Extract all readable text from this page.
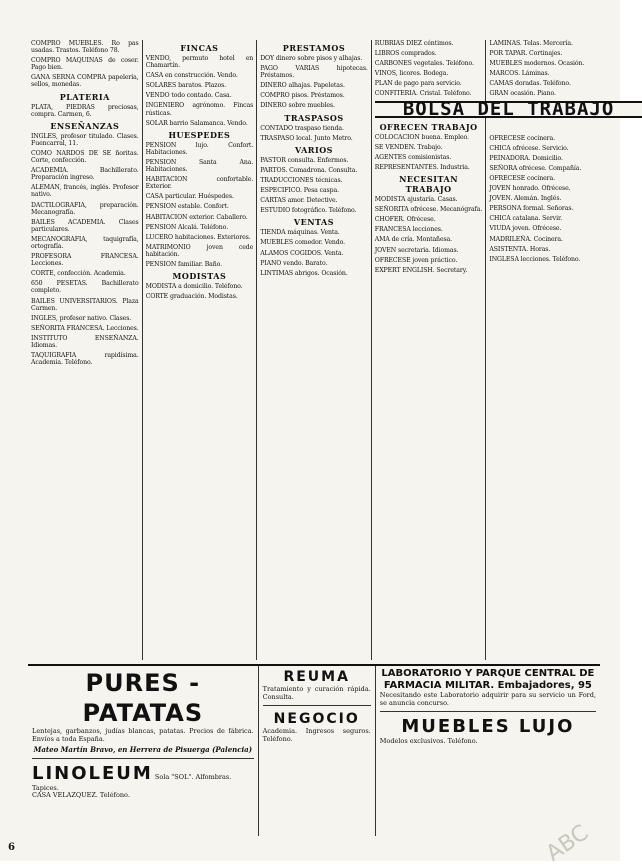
COMPRO MUEBLES. Ro pas usadas. Trastos. Teléfono 78.

COMPRO MAQUINAS de coser. Pago bien.

GANA SERNA COMPRA papelería, sellos, monedas.

PLATERIA

PLATA, PIEDRAS preciosas, compra. Carmen, 6.

ENSEÑANZAS

INGLES, profesor titulado. Clases. Fuencarral, 11.

COMO NARDOS DE SE ñoritas. Corte, confección.

ACADEMIA. Bachillerato. Preparación ingreso.

ALEMAN, francés, inglés. Profesor nativo.

DACTILOGRAFIA, preparación. Mecanografía.

BAILES ACADEMIA. Clases particulares.

MECANOGRAFIA, taquigrafía, ortografía.

PROFESORA FRANCESA. Lecciones.

CORTE, confección. Academia.

650 PESETAS. Bachillerato completo.

BAILES UNIVERSITARIOS. Plaza Carmen.

INGLES, profesor nativo. Clases.

SEÑORITA FRANCESA. Lecciones.

INSTITUTO ENSEÑANZA. Idiomas.

TAQUIGRAFIA rapidísima. Academia. Teléfono.

FINCAS

VENDO, permuto hotel en Chamartín.

CASA en construcción. Vendo.

SOLARES baratos. Plazos.

VENDO todo contado. Casa.

INGENIERO agrónomo. Fincas rústicas.

SOLAR barrio Salamanca. Vendo.

HUESPEDES

PENSION lujo. Confort. Habitaciones.

PENSION Santa Ana. Habitaciones.

HABITACION confortable. Exterior.

CASA particular. Huéspedes.

PENSION estable. Confort.

HABITACION exterior. Caballero.

PENSION Alcalá. Teléfono.

LUCERO habitaciones. Exteriores.

MATRIMONIO joven cede habitación.

PENSION familiar. Baño.

MODISTAS

MODISTA a domicilio. Teléfono.

CORTE graduación. Modistas.

PRESTAMOS

DOY dinero sobre pisos y alhajas.

PAGO VARIAS hipotecas. Préstamos.

DINERO alhajas. Papeletas.

COMPRO pisos. Préstamos.

DINERO sobre muebles.

TRASPASOS

CONTADO traspaso tienda.

TRASPASO local. Junto Metro.

VARIOS

PASTOR consulta. Enfermos.

PARTOS. Comadrona. Consulta.

TRADUCCIONES técnicas.

ESPECIFICO. Pesa caspa.

CARTAS amor. Detective.

ESTUDIO fotográfico. Teléfono.

VENTAS

TIENDA máquinas. Venta.

MUEBLES comedor. Vendo.

ALAMOS COGIDOS. Venta.

PIANO vendo. Barato.

LINTIMAS abrigos. Ocasión.

RUBRIAS DIEZ céntimos.

LIBROS comprados.

CARBONES vegetales. Teléfono.

VINOS, licores. Bodega.

PLAN de pago para servicio.

CONFITERIA. Cristal. Teléfono.

BOLSA DEL TRABAJO
OFRECEN TRABAJO

COLOCACION buena. Empleo.

SE VENDEN. Trabajo.

AGENTES comisionistas.

REPRESENTANTES. Industria.

NECESITAN TRABAJO

MODISTA ajustaría. Casas.

SEÑORITA ofrécese. Mecanógrafa.

CHOFER. Ofrécese.

FRANCESA lecciones.

AMA de cría. Montañesa.

JOVEN secretaria. Idiomas.

OFRECESE joven práctico.

EXPERT ENGLISH. Secretary.

LAMINAS. Telas. Mercería.

POR TAPAR. Cortinajes.

MUEBLES modernos. Ocasión.

MARCOS. Láminas.

CAMAS doradas. Teléfono.

GRAN ocasión. Piano.

OFRECESE cocinera.

CHICA ofrécese. Servicio.

PEINADORA. Domicilio.

SEÑORA ofrécese. Compañía.

OFRECESE cocinera.

JOVEN honrado. Ofrécese.

JOVEN. Alemán. Inglés.

PERSONA formal. Señoras.

CHICA catalana. Servir.

VIUDA joven. Ofrécese.

MADRILEÑA. Cocinera.

ASISTENTA. Horas.

INGLESA lecciones. Teléfono.

PURES - PATATAS

Lentejas, garbanzos, judías blancas, patatas. Precios de fábrica. Envíos a toda España.

Mateo Martín Bravo, en Herrera de Pisuerga (Palencia)
LINOLEUM Sola "SOL". Alfombras. Tapices.

CASA VELAZQUEZ. Teléfono.

REUMA

Tratamiento y curación rápida. Consulta.

NEGOCIO

Academia. Ingresos seguros. Teléfono.

LABORATORIO Y PARQUE CENTRAL DE
FARMACIA MILITAR. Embajadores, 95

Necesitando este Laboratorio adquirir para su servicio un Ford, se anuncia concurso.

MUEBLES LUJO

Modelos exclusivos. Teléfono.

6	ABC
